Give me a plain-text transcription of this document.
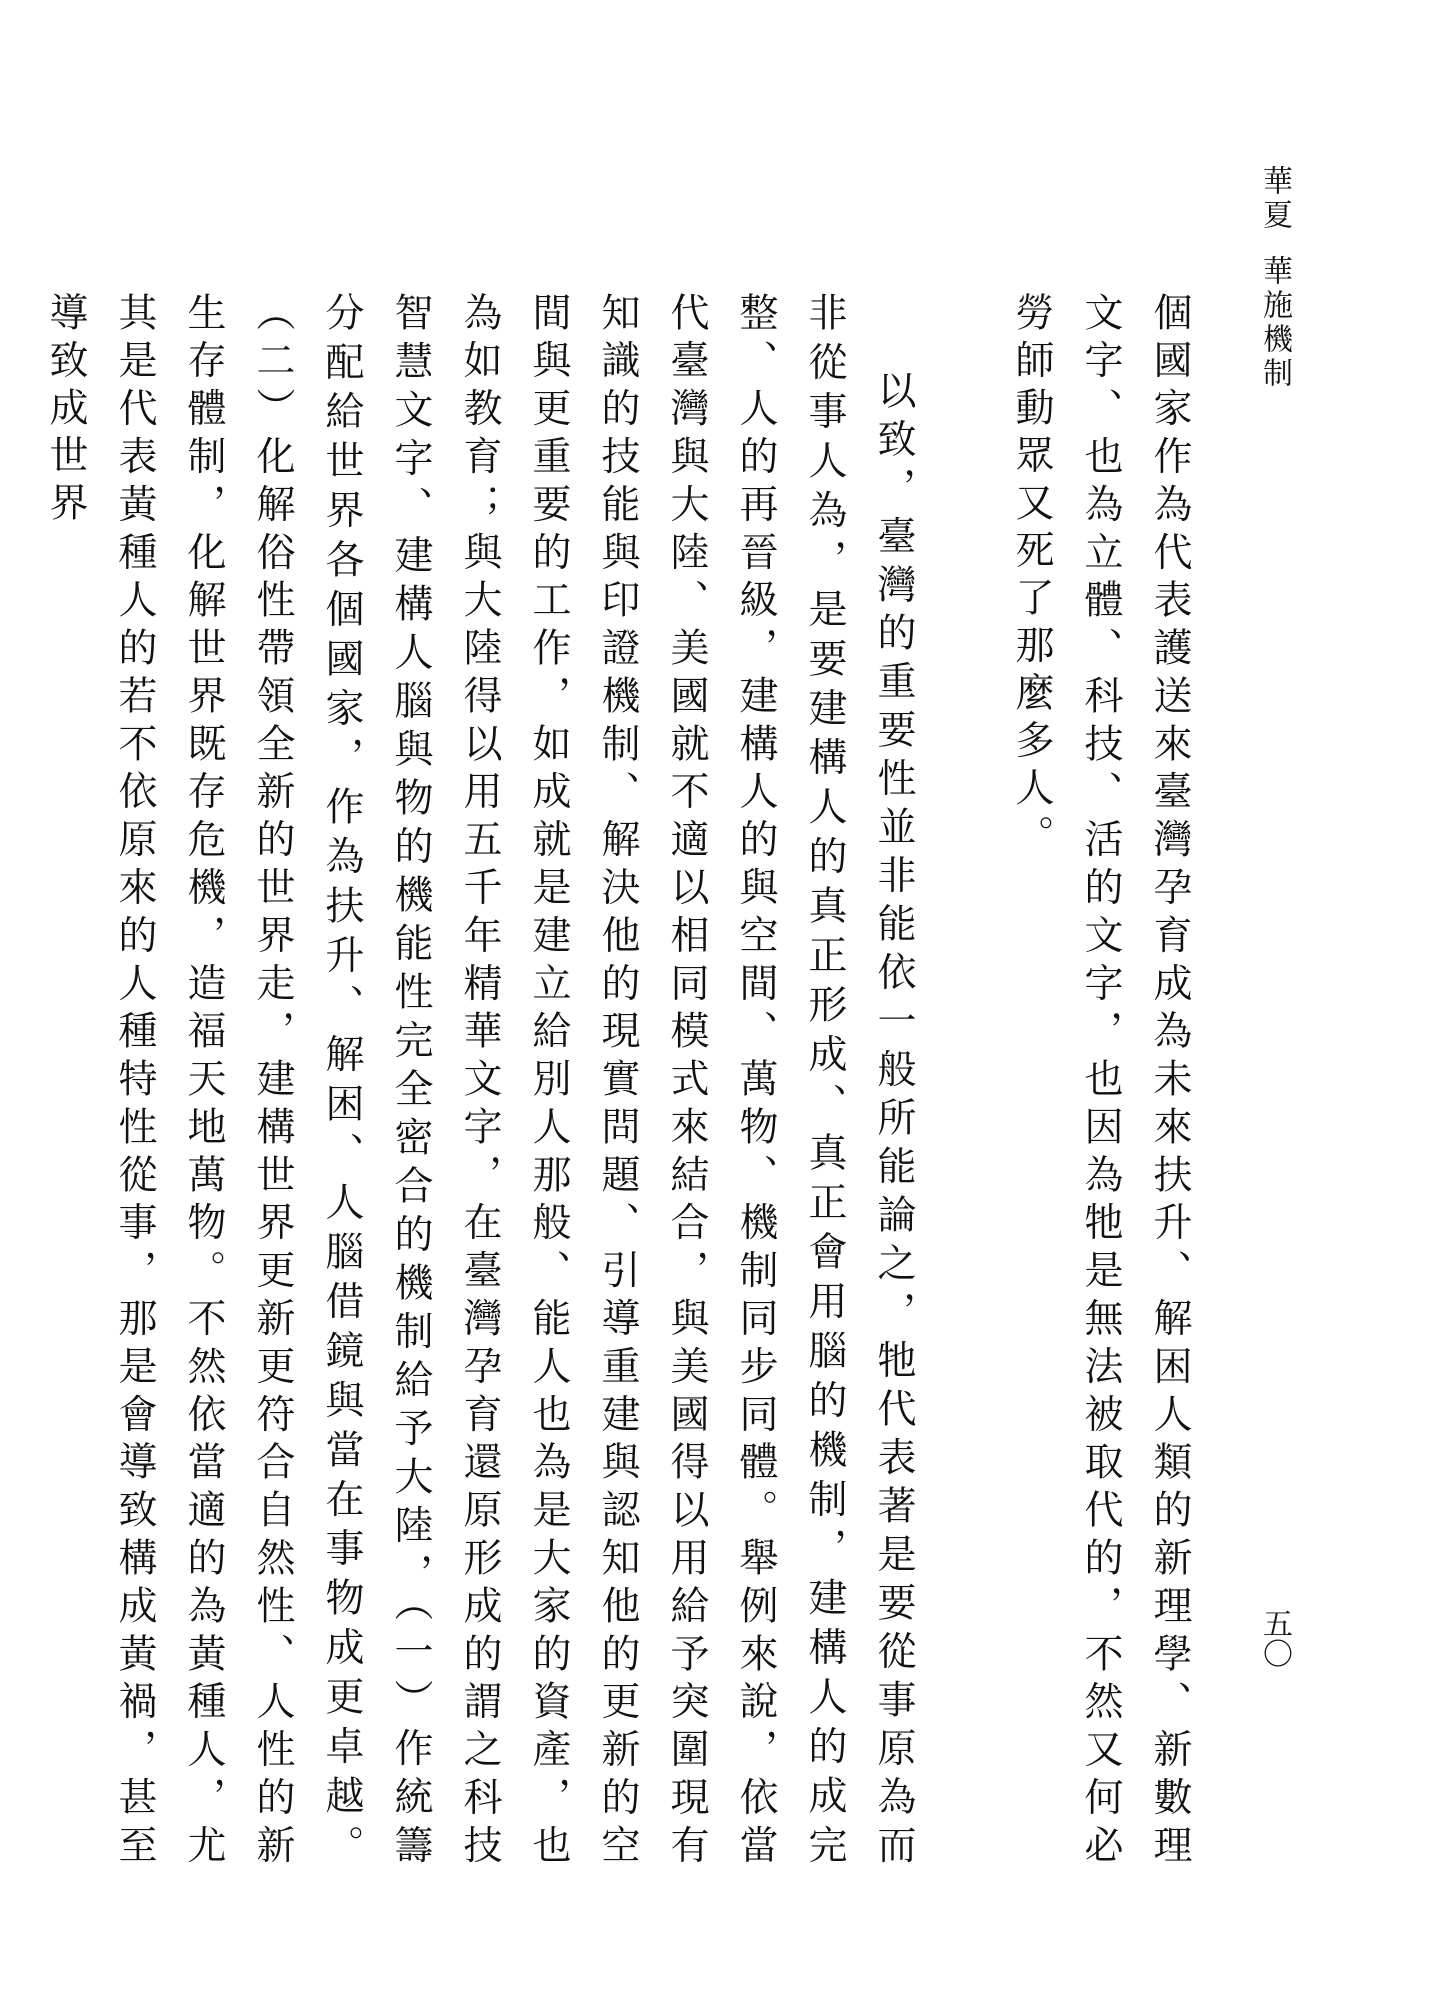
華夏華施機制
五〇

個國家作為代表護送來臺灣孕育成為未來扶升、解困人類的新理學、新數理文字、也為立體、科技、活的文字，也因為牠是無法被取代的，不然又何必勞師動眾又死了那麼多人。

以致，臺灣的重要性並非能依一般所能論之，牠代表著是要從事原為而非從事人為，是要建構人的真正形成、真正會用腦的機制，建構人的成完整、人的再晉級，建構人的與空間、萬物、機制同步同體。舉例來說，依當代臺灣與大陸、美國就不適以相同模式來結合，與美國得以用給予突圍現有知識的技能與印證機制、解決他的現實問題、引導重建與認知他的更新的空間與更重要的工作，如成就是建立給別人那般、能人也為是大家的資產，也為如教育；與大陸得以用五千年精華文字，在臺灣孕育還原形成的謂之科技智慧文字、建構人腦與物的機能性完全密合的機制給予大陸，（一）作統籌分配給世界各個國家，作為扶升、解困、人腦借鏡與當在事物成更卓越。（二）化解俗性帶領全新的世界走，建構世界更新更符合自然性、人性的新生存體制，化解世界既存危機，造福天地萬物。不然依當適的為黃種人，尤其是代表黃種人的若不依原來的人種特性從事，那是會導致構成黃禍，甚至導致成世界
